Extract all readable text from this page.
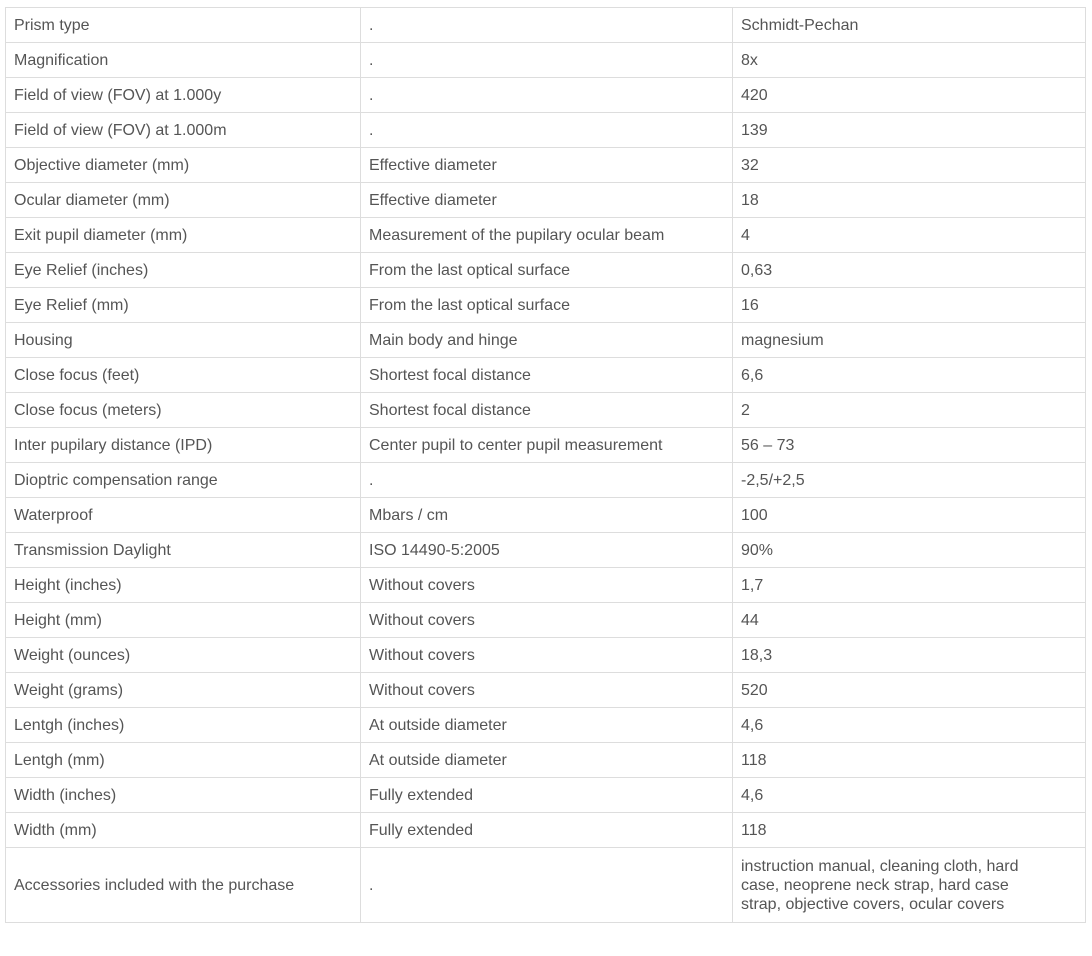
Prism type	.	Schmidt-Pechan
Magnification	.	8x
Field of view (FOV) at 1.000y	.	420
Field of view (FOV) at 1.000m	.	139
Objective diameter (mm)	Effective diameter	32
Ocular diameter (mm)	Effective diameter	18
Exit pupil diameter (mm)	Measurement of the pupilary ocular beam	4
Eye Relief (inches)	From the last optical surface	0,63
Eye Relief (mm)	From the last optical surface	16
Housing	Main body and hinge	magnesium
Close focus (feet)	Shortest focal distance	6,6
Close focus (meters)	Shortest focal distance	2
Inter pupilary distance (IPD)	Center pupil to center pupil measurement	56 – 73
Dioptric compensation range	.	-2,5/+2,5
Waterproof	Mbars / cm	100
Transmission Daylight	ISO 14490-5:2005	90%
Height (inches)	Without covers	1,7
Height (mm)	Without covers	44
Weight (ounces)	Without covers	18,3
Weight (grams)	Without covers	520
Lentgh (inches)	At outside diameter	4,6
Lentgh (mm)	At outside diameter	118
Width (inches)	Fully extended	4,6
Width (mm)	Fully extended	118
Accessories included with the purchase	.	instruction manual, cleaning cloth, hard case, neoprene neck strap, hard case strap, objective covers, ocular covers
